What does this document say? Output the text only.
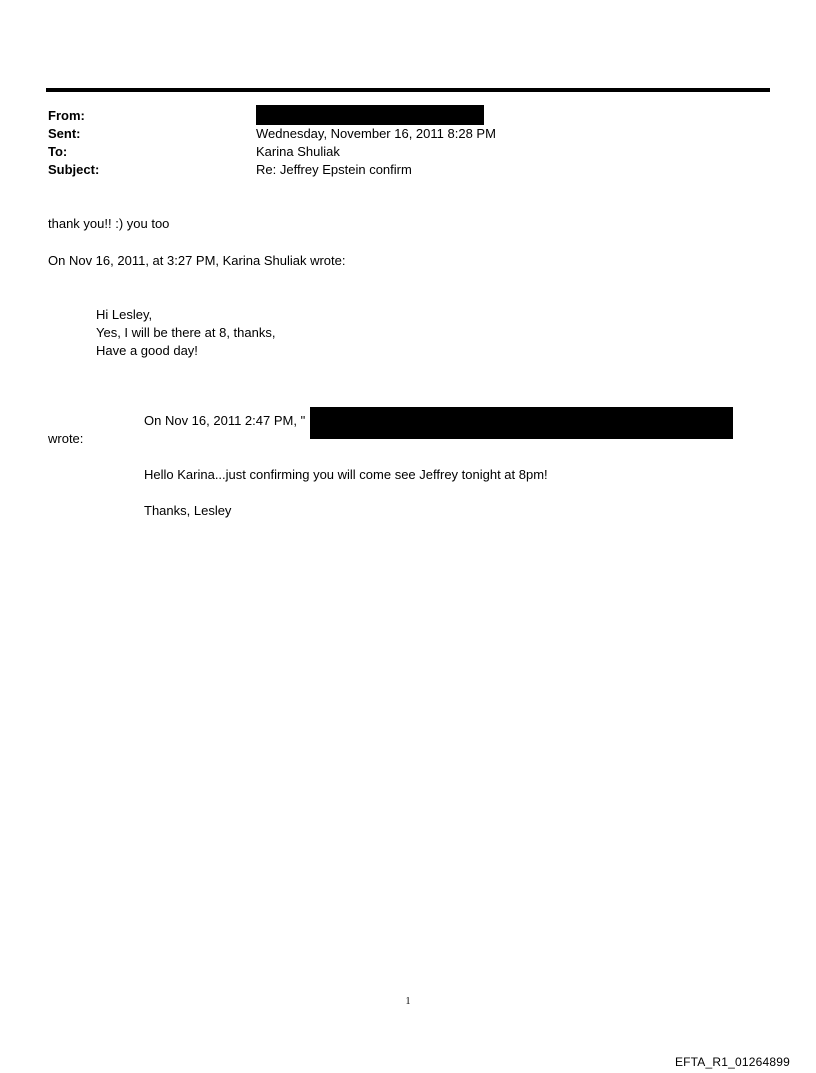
From:
Sent:	Wednesday, November 16, 2011 8:28 PM
To:	Karina Shuliak
Subject:	Re: Jeffrey Epstein confirm
thank you!! :) you too
On Nov 16, 2011, at 3:27 PM, Karina Shuliak wrote:
Hi Lesley,
Yes, I will be there at 8, thanks,
Have a good day!
On Nov 16, 2011 2:47 PM, "
wrote:
Hello Karina...just confirming you will come see Jeffrey tonight at 8pm!
Thanks, Lesley
1
EFTA_R1_01264899
